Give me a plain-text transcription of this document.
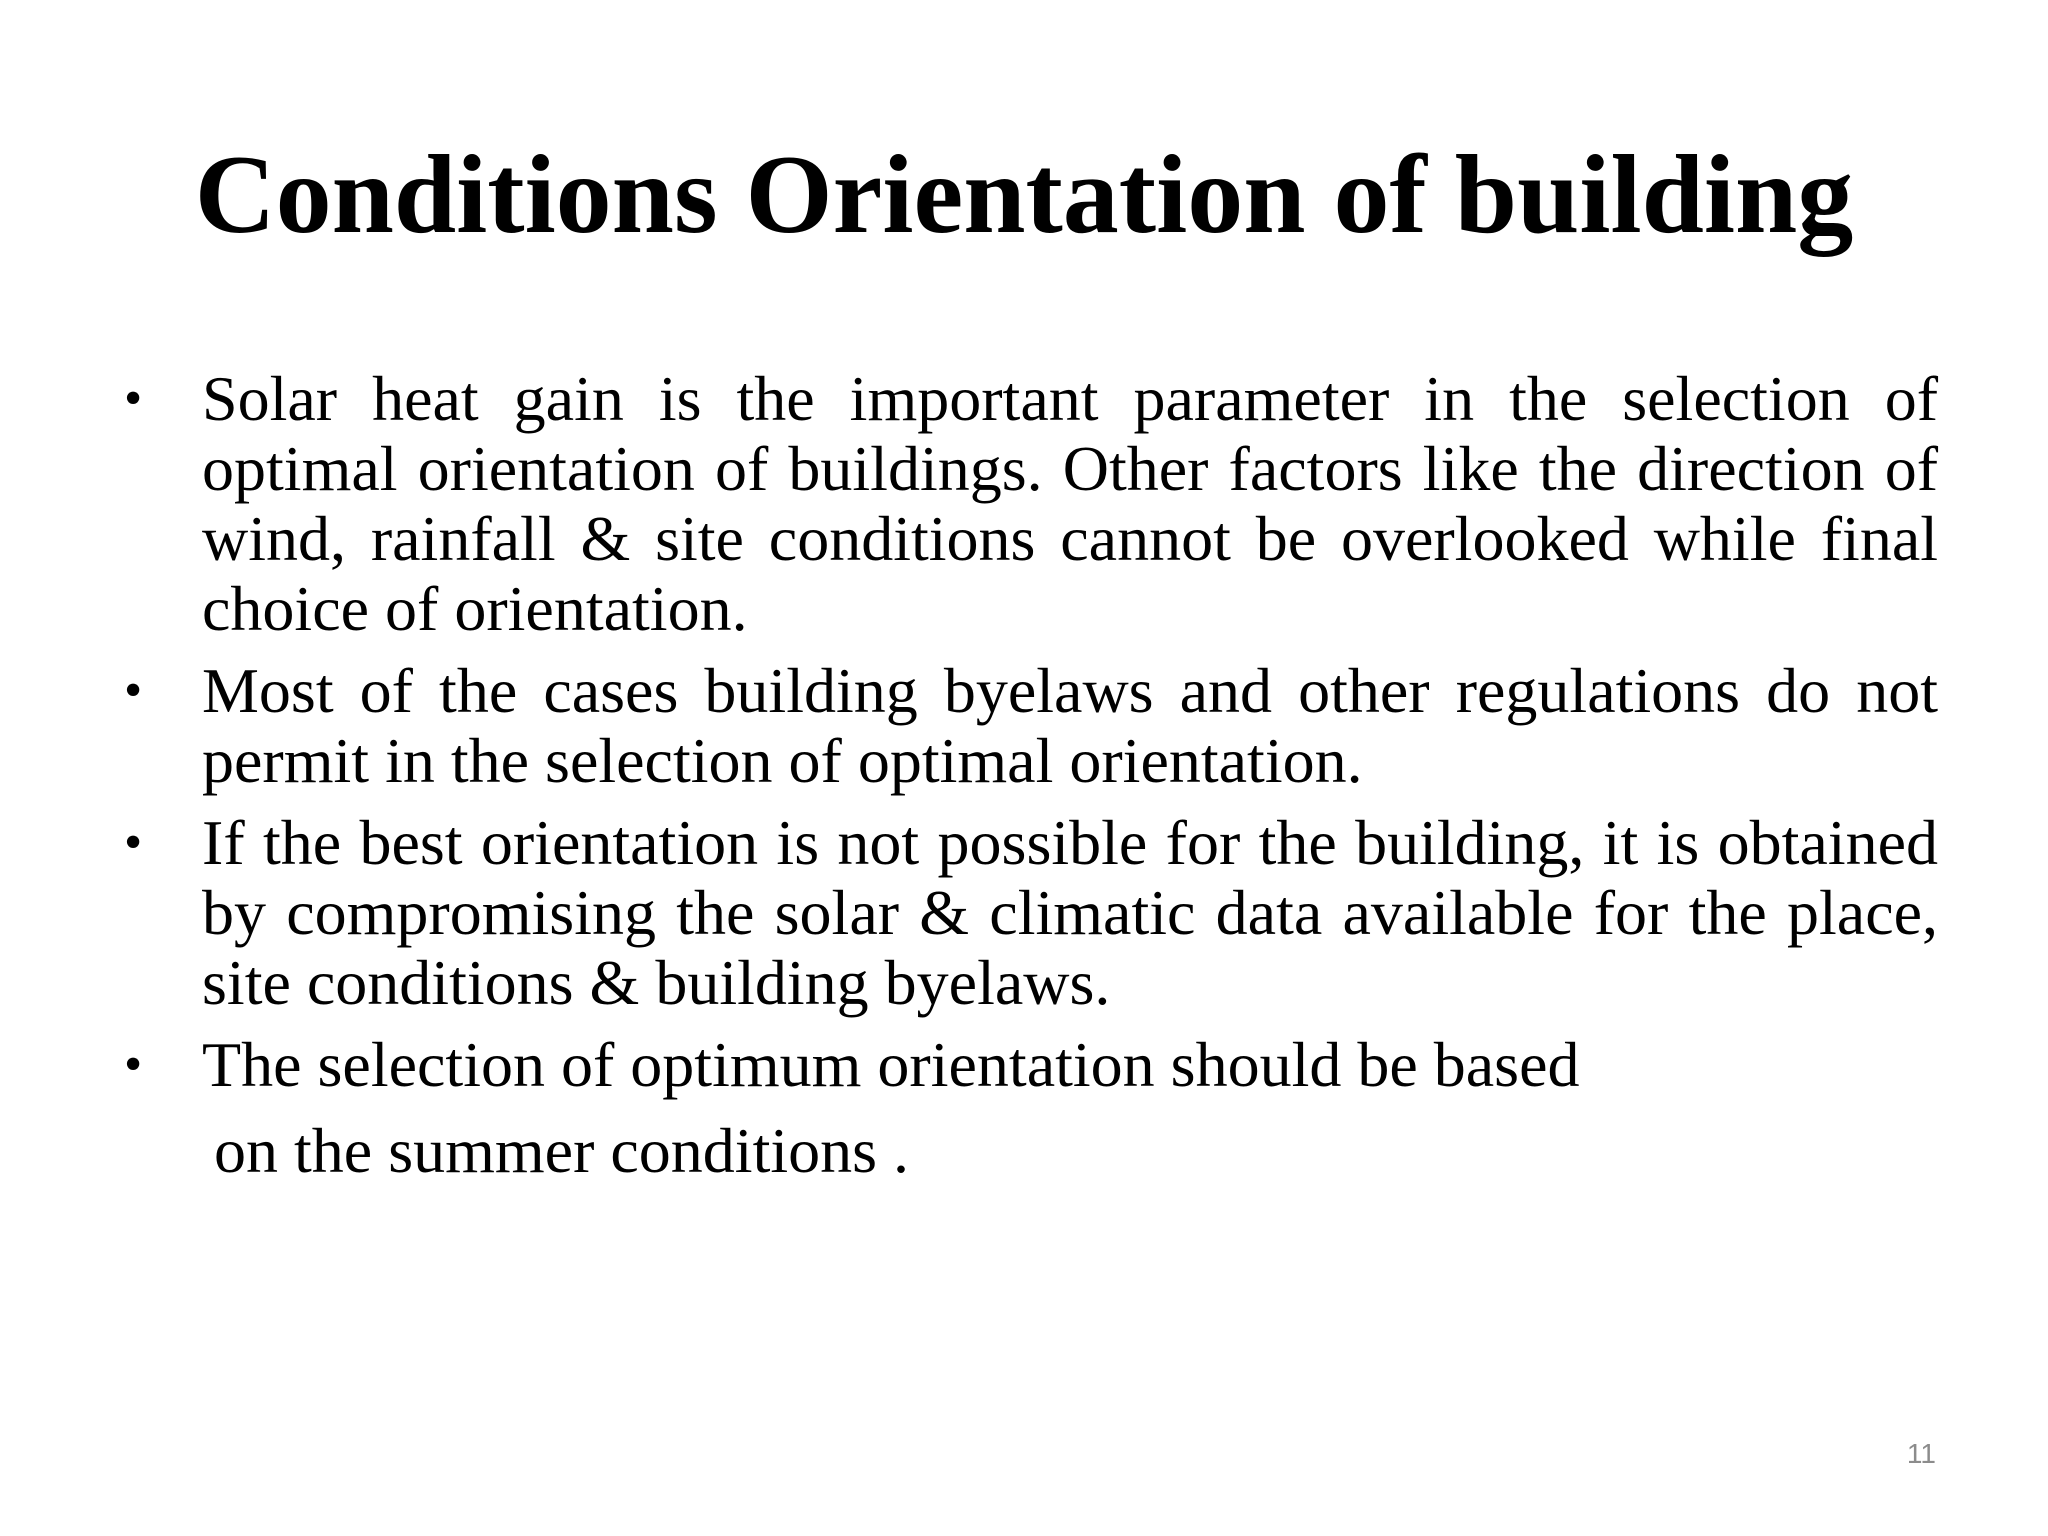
Conditions Orientation of building
• Solar heat gain is the important parameter in the selection of optimal orientation of buildings. Other factors like the direction of wind, rainfall & site conditions cannot be overlooked while final choice of orientation.
• Most of the cases building byelaws and other regulations do not permit in the selection of optimal orientation.
• If the best orientation is not possible for the building, it is obtained by compromising the solar & climatic data available for the place, site conditions & building byelaws.
• The selection of optimum orientation should be based
on the summer conditions .
11
